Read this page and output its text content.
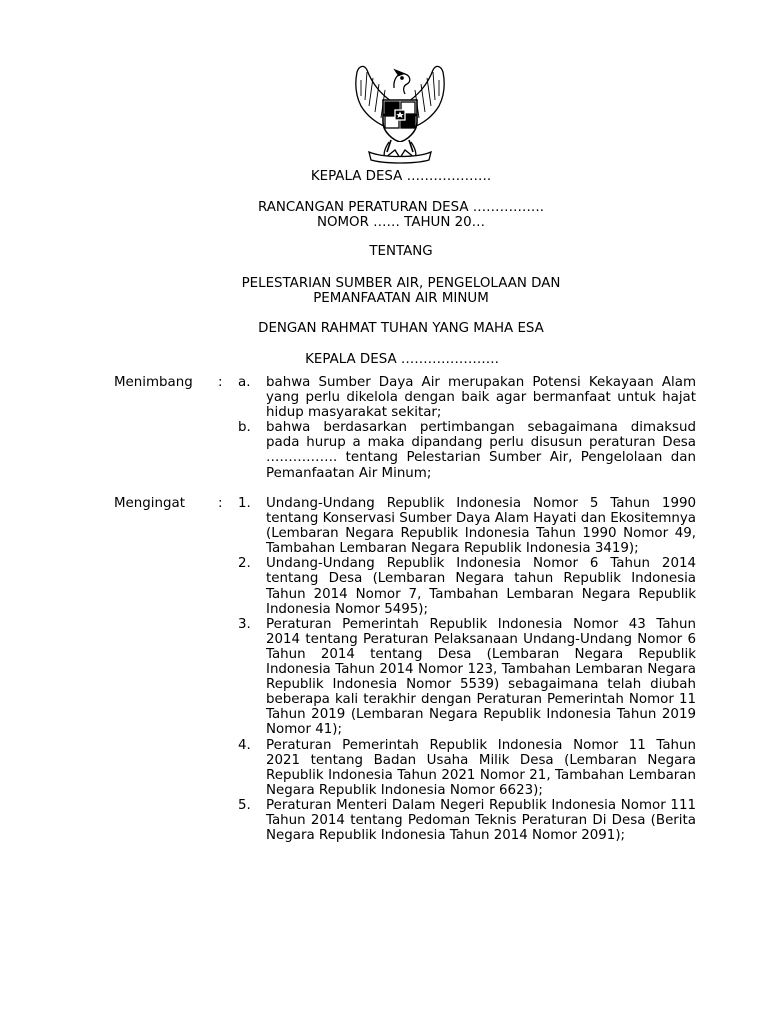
KEPALA DESA ……………….
RANCANGAN PERATURAN DESA …………….
NOMOR …… TAHUN 20…
TENTANG
PELESTARIAN SUMBER AIR, PENGELOLAAN DAN
PEMANFAATAN AIR MINUM
DENGAN RAHMAT TUHAN YANG MAHA ESA
KEPALA DESA ………………….
Menimbang : a. bahwa Sumber Daya Air merupakan Potensi Kekayaan Alam yang perlu dikelola dengan baik agar bermanfaat untuk hajat hidup masyarakat sekitar;
b. bahwa berdasarkan pertimbangan sebagaimana dimaksud pada hurup a maka dipandang perlu disusun peraturan Desa ……………. tentang Pelestarian Sumber Air, Pengelolaan dan Pemanfaatan Air Minum;
Mengingat : 1. Undang-Undang Republik Indonesia Nomor 5 Tahun 1990 tentang Konservasi Sumber Daya Alam Hayati dan Ekositemnya (Lembaran Negara Republik Indonesia Tahun 1990 Nomor 49, Tambahan Lembaran Negara Republik Indonesia 3419);
2. Undang-Undang Republik Indonesia Nomor 6 Tahun 2014 tentang Desa (Lembaran Negara tahun Republik Indonesia Tahun 2014 Nomor 7, Tambahan Lembaran Negara Republik Indonesia Nomor 5495);
3. Peraturan Pemerintah Republik Indonesia Nomor 43 Tahun 2014 tentang Peraturan Pelaksanaan Undang-Undang Nomor 6 Tahun 2014 tentang Desa (Lembaran Negara Republik Indonesia Tahun 2014 Nomor 123, Tambahan Lembaran Negara Republik Indonesia Nomor 5539) sebagaimana telah diubah beberapa kali terakhir dengan Peraturan Pemerintah Nomor 11 Tahun 2019 (Lembaran Negara Republik Indonesia Tahun 2019 Nomor 41);
4. Peraturan Pemerintah Republik Indonesia Nomor 11 Tahun 2021 tentang Badan Usaha Milik Desa (Lembaran Negara Republik Indonesia Tahun 2021 Nomor 21, Tambahan Lembaran Negara Republik Indonesia Nomor 6623);
5. Peraturan Menteri Dalam Negeri Republik Indonesia Nomor 111 Tahun 2014 tentang Pedoman Teknis Peraturan Di Desa (Berita Negara Republik Indonesia Tahun 2014 Nomor 2091);
